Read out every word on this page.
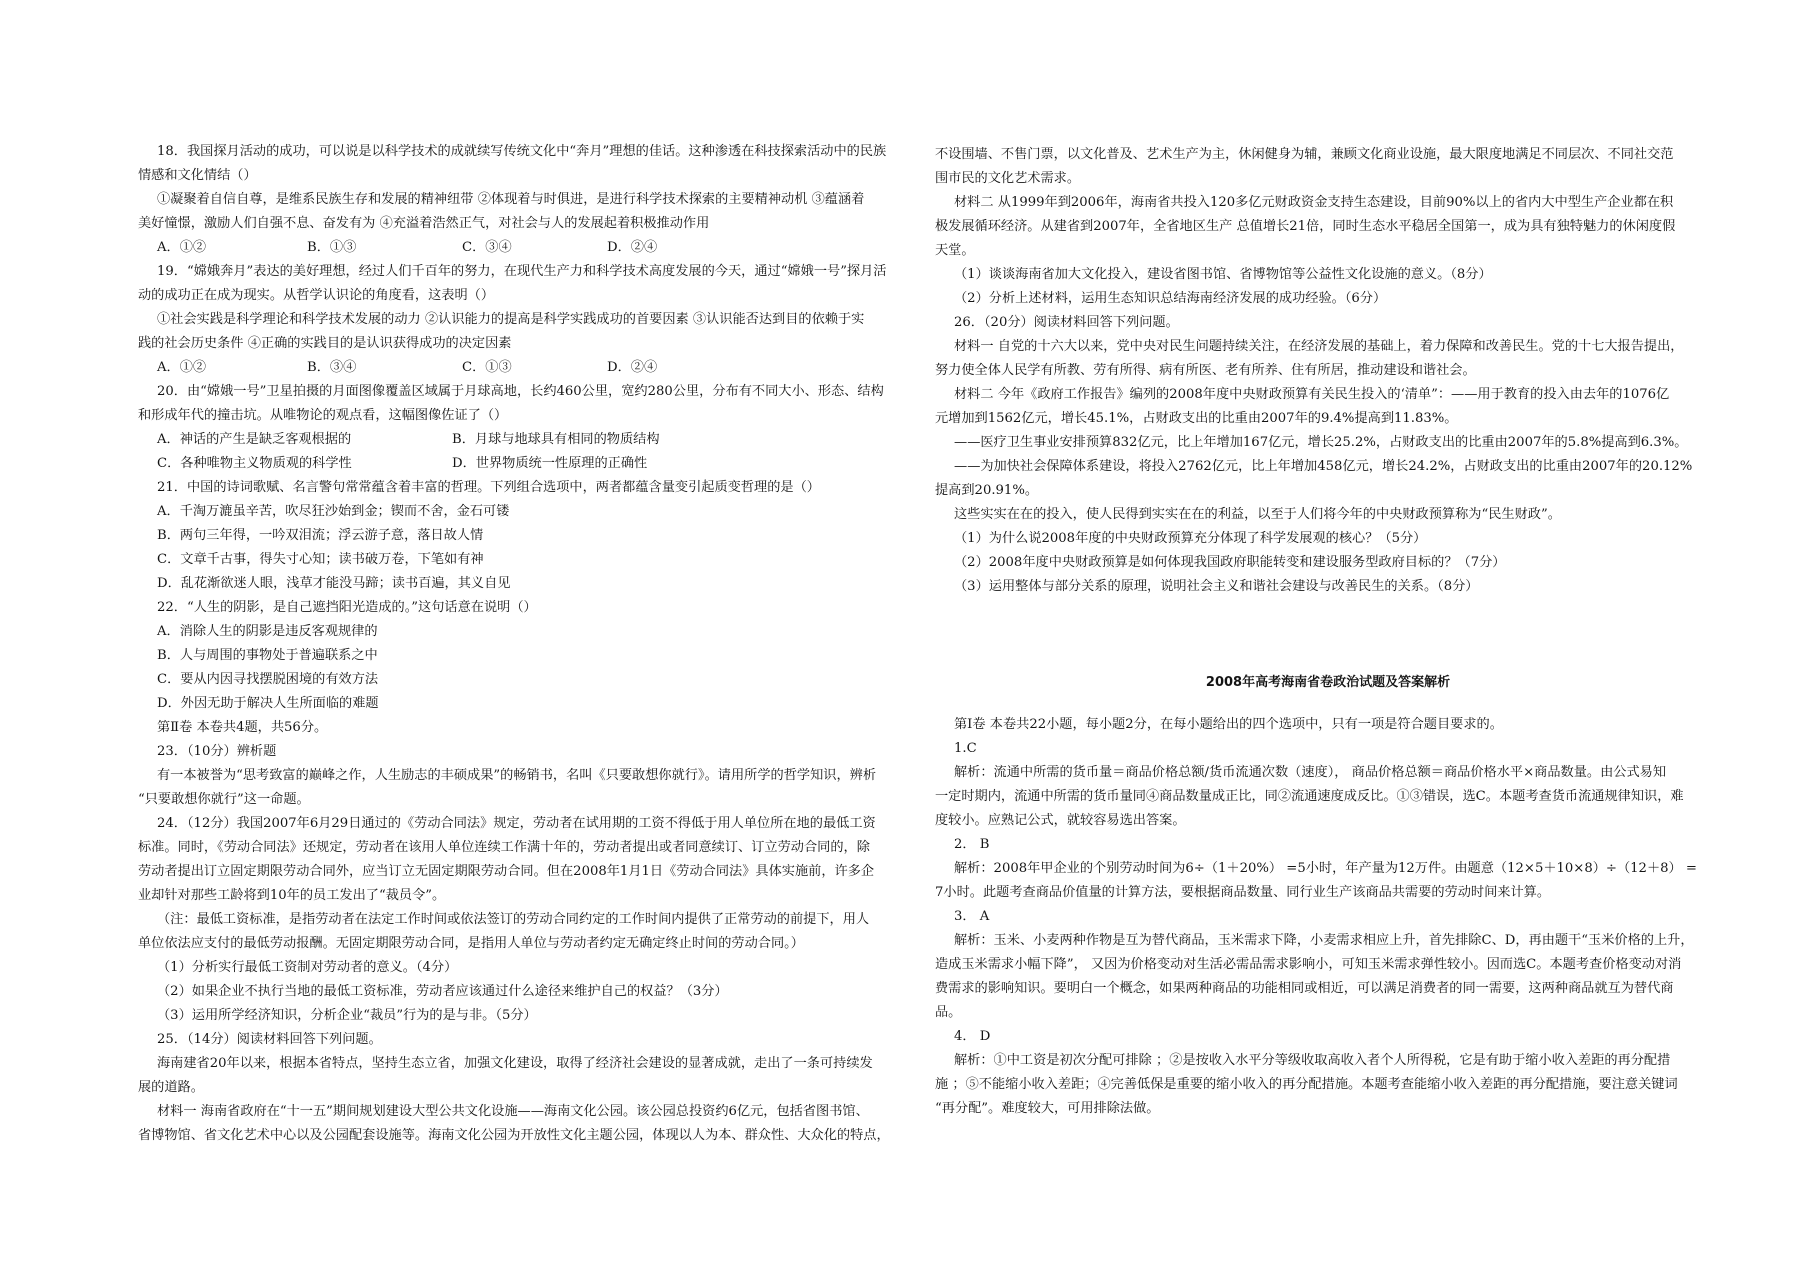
18．我国探月活动的成功，可以说是以科学技术的成就续写传统文化中“奔月”理想的佳话。这种渗透在科技探索活动中的民族
情感和文化情结（）
①凝聚着自信自尊，是维系民族生存和发展的精神纽带 ②体现着与时俱进，是进行科学技术探索的主要精神动机 ③蕴涵着
美好憧憬，激励人们自强不息、奋发有为 ④充溢着浩然正气，对社会与人的发展起着积极推动作用
A．①②	B．①③	C．③④	D．②④
19．“嫦娥奔月”表达的美好理想，经过人们千百年的努力，在现代生产力和科学技术高度发展的今天，通过“嫦娥一号”探月活
动的成功正在成为现实。从哲学认识论的角度看，这表明（）
①社会实践是科学理论和科学技术发展的动力 ②认识能力的提高是科学实践成功的首要因素 ③认识能否达到目的依赖于实
践的社会历史条件 ④正确的实践目的是认识获得成功的决定因素
A．①②	B．③④	C．①③	D．②④
20．由“嫦娥一号”卫星拍摄的月面图像覆盖区域属于月球高地，长约460公里，宽约280公里，分布有不同大小、形态、结构
和形成年代的撞击坑。从唯物论的观点看，这幅图像佐证了（）
A．神话的产生是缺乏客观根据的	B．月球与地球具有相同的物质结构
C．各种唯物主义物质观的科学性	D．世界物质统一性原理的正确性
21．中国的诗词歌赋、名言警句常常蕴含着丰富的哲理。下列组合选项中，两者都蕴含量变引起质变哲理的是（）
A．千淘万漉虽辛苦，吹尽狂沙始到金；锲而不舍，金石可镂
B．两句三年得，一吟双泪流；浮云游子意，落日故人情
C．文章千古事，得失寸心知；读书破万卷，下笔如有神
D．乱花渐欲迷人眼，浅草才能没马蹄；读书百遍，其义自见
22．“人生的阴影，是自己遮挡阳光造成的。”这句话意在说明（）
A．消除人生的阴影是违反客观规律的
B．人与周围的事物处于普遍联系之中
C．要从内因寻找摆脱困境的有效方法
D．外因无助于解决人生所面临的难题
第Ⅱ卷 本卷共4题，共56分。
23．（10分）辨析题
有一本被誉为“思考致富的巅峰之作，人生励志的丰硕成果”的畅销书，名叫《只要敢想你就行》。请用所学的哲学知识，辨析
“只要敢想你就行”这一命题。
24．（12分）我国2007年6月29日通过的《劳动合同法》规定，劳动者在试用期的工资不得低于用人单位所在地的最低工资
标准。同时，《劳动合同法》还规定，劳动者在该用人单位连续工作满十年的，劳动者提出或者同意续订、订立劳动合同的，除
劳动者提出订立固定期限劳动合同外，应当订立无固定期限劳动合同。但在2008年1月1日《劳动合同法》具体实施前，许多企
业却针对那些工龄将到10年的员工发出了“裁员令”。
（注：最低工资标准，是指劳动者在法定工作时间或依法签订的劳动合同约定的工作时间内提供了正常劳动的前提下，用人
单位依法应支付的最低劳动报酬。无固定期限劳动合同，是指用人单位与劳动者约定无确定终止时间的劳动合同。）
（1）分析实行最低工资制对劳动者的意义。（4分）
（2）如果企业不执行当地的最低工资标准，劳动者应该通过什么途径来维护自己的权益？（3分）
（3）运用所学经济知识，分析企业“裁员”行为的是与非。（5分）
25．（14分）阅读材料回答下列问题。
海南建省20年以来，根据本省特点，坚持生态立省，加强文化建设，取得了经济社会建设的显著成就，走出了一条可持续发
展的道路。
材料一 海南省政府在“十一五”期间规划建设大型公共文化设施——海南文化公园。该公园总投资约6亿元，包括省图书馆、
省博物馆、省文化艺术中心以及公园配套设施等。海南文化公园为开放性文化主题公园，体现以人为本、群众性、大众化的特点，
不设围墙、不售门票，以文化普及、艺术生产为主，休闲健身为辅，兼顾文化商业设施，最大限度地满足不同层次、不同社交范
围市民的文化艺术需求。
材料二 从1999年到2006年，海南省共投入120多亿元财政资金支持生态建设，目前90%以上的省内大中型生产企业都在积
极发展循环经济。从建省到2007年，全省地区生产 总值增长21倍，同时生态水平稳居全国第一，成为具有独特魅力的休闲度假
天堂。
（1）谈谈海南省加大文化投入，建设省图书馆、省博物馆等公益性文化设施的意义。（8分）
（2）分析上述材料，运用生态知识总结海南经济发展的成功经验。（6分）
26．（20分）阅读材料回答下列问题。
材料一 自党的十六大以来，党中央对民生问题持续关注，在经济发展的基础上，着力保障和改善民生。党的十七大报告提出，
努力使全体人民学有所教、劳有所得、病有所医、老有所养、住有所居，推动建设和谐社会。
材料二 今年《政府工作报告》编列的2008年度中央财政预算有关民生投入的‘清单”：——用于教育的投入由去年的1076亿
元增加到1562亿元，增长45.1%，占财政支出的比重由2007年的9.4%提高到11.83%。
——医疗卫生事业安排预算832亿元，比上年增加167亿元，增长25.2%，占财政支出的比重由2007年的5.8%提高到6.3%。
——为加快社会保障体系建设，将投入2762亿元，比上年增加458亿元，增长24.2%，占财政支出的比重由2007年的20.12%
提高到20.91%。
这些实实在在的投入，使人民得到实实在在的利益，以至于人们将今年的中央财政预算称为“民生财政”。
（1）为什么说2008年度的中央财政预算充分体现了科学发展观的核心？（5分）
（2）2008年度中央财政预算是如何体现我国政府职能转变和建设服务型政府目标的？（7分）
（3）运用整体与部分关系的原理，说明社会主义和谐社会建设与改善民生的关系。（8分）

2008年高考海南省卷政治试题及答案解析

第Ⅰ卷 本卷共22小题，每小题2分，在每小题给出的四个选项中，只有一项是符合题目要求的。
1.C
解析：流通中所需的货币量＝商品价格总额/货币流通次数（速度）， 商品价格总额＝商品价格水平×商品数量。由公式易知
一定时期内，流通中所需的货币量同④商品数量成正比，同②流通速度成反比。①③错误，选C。本题考查货币流通规律知识，难
度较小。应熟记公式，就较容易选出答案。
2． B
解析：2008年甲企业的个别劳动时间为6÷（1＋20%） =5小时，年产量为12万件。由题意（12×5＋10×8）÷（12＋8） =
7小时。此题考查商品价值量的计算方法，要根据商品数量、同行业生产该商品共需要的劳动时间来计算。
3． A
解析：玉米、小麦两种作物是互为替代商品，玉米需求下降，小麦需求相应上升，首先排除C、D，再由题干“玉米价格的上升，
造成玉米需求小幅下降”， 又因为价格变动对生活必需品需求影响小，可知玉米需求弹性较小。因而选C。本题考查价格变动对消
费需求的影响知识。要明白一个概念，如果两种商品的功能相同或相近，可以满足消费者的同一需要，这两种商品就互为替代商
品。
4． D
解析：①中工资是初次分配可排除 ；②是按收入水平分等级收取高收入者个人所得税，它是有助于缩小收入差距的再分配措
施 ；⑤不能缩小收入差距；④完善低保是重要的缩小收入的再分配措施。本题考查能缩小收入差距的再分配措施，要注意关键词
“再分配”。难度较大，可用排除法做。
